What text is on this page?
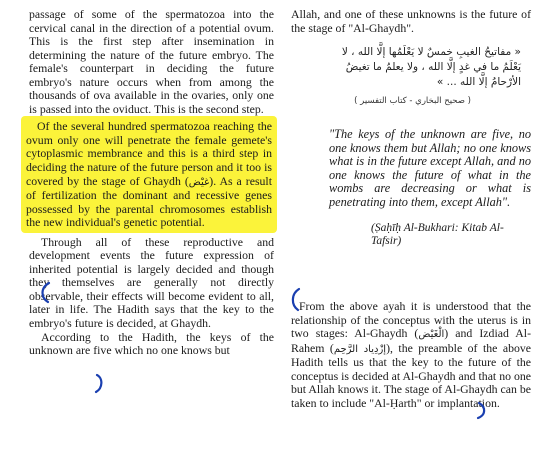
passage of some of the spermatozoa into the cervical canal in the direction of a potential ovum. This is the first step after insemination in determining the nature of the future embryo. The female's counterpart in deciding the future embryo's nature occurs when from among the thousands of ova available in the ovaries, only one is passed into the oviduct. This is the second step.

Of the several hundred spermatozoa reaching the ovum only one will penetrate the female gemete's cytoplasmic membrance and this is a third step in deciding the nature of the future person and it too is covered by the stage of Ghaydh (غيْض). As a result of fertilization the dominant and recessive genes possessed by the parental chromosomes establish the new individual's genetic potential.

Through all of these reproductive and development events the future expression of inherited potential is largely decided and though they themselves are generally not directly observable, their effects will become evident to all, later in life. The Hadith says that the key to the embryo's future is decided, at Ghaydh.

According to the Hadith, the keys of the unknown are five which no one knows but

Allah, and one of these unknowns is the future of the stage of "Al-Ghaydh".

« مفاتيحُ الغيبِ خمسٌ لا يَعْلَمُها إلَّا الله ، لا يَعْلَمُ ما في غدٍ إلَّا الله ، ولا يعلمُ ما تغيضُ الأرْحامُ إلَّا الله ... »
( صحيح البخاري - كتاب التفسير )

"The keys of the unknown are five, no one knows them but Allah; no one knows what is in the future except Allah, and no one knows the future of what in the wombs are decreasing or what is penetrating into them, except Allah".

(Ṣaḥīḥ Al-Bukhari: Kitab Al-Tafsir)

From the above ayah it is understood that the relationship of the conceptus with the uterus is in two stages: Al-Ghaydh (الْغَيْض) and Izdiad Al-Rahem (إزْدِياد الرَّحِم), the preamble of the above Hadith tells us that the key to the future of the conceptus is decided at Al-Ghaydh and that no one but Allah knows it. The stage of Al-Ghaydh can be taken to include "Al-Ḥarth" or implantation.
